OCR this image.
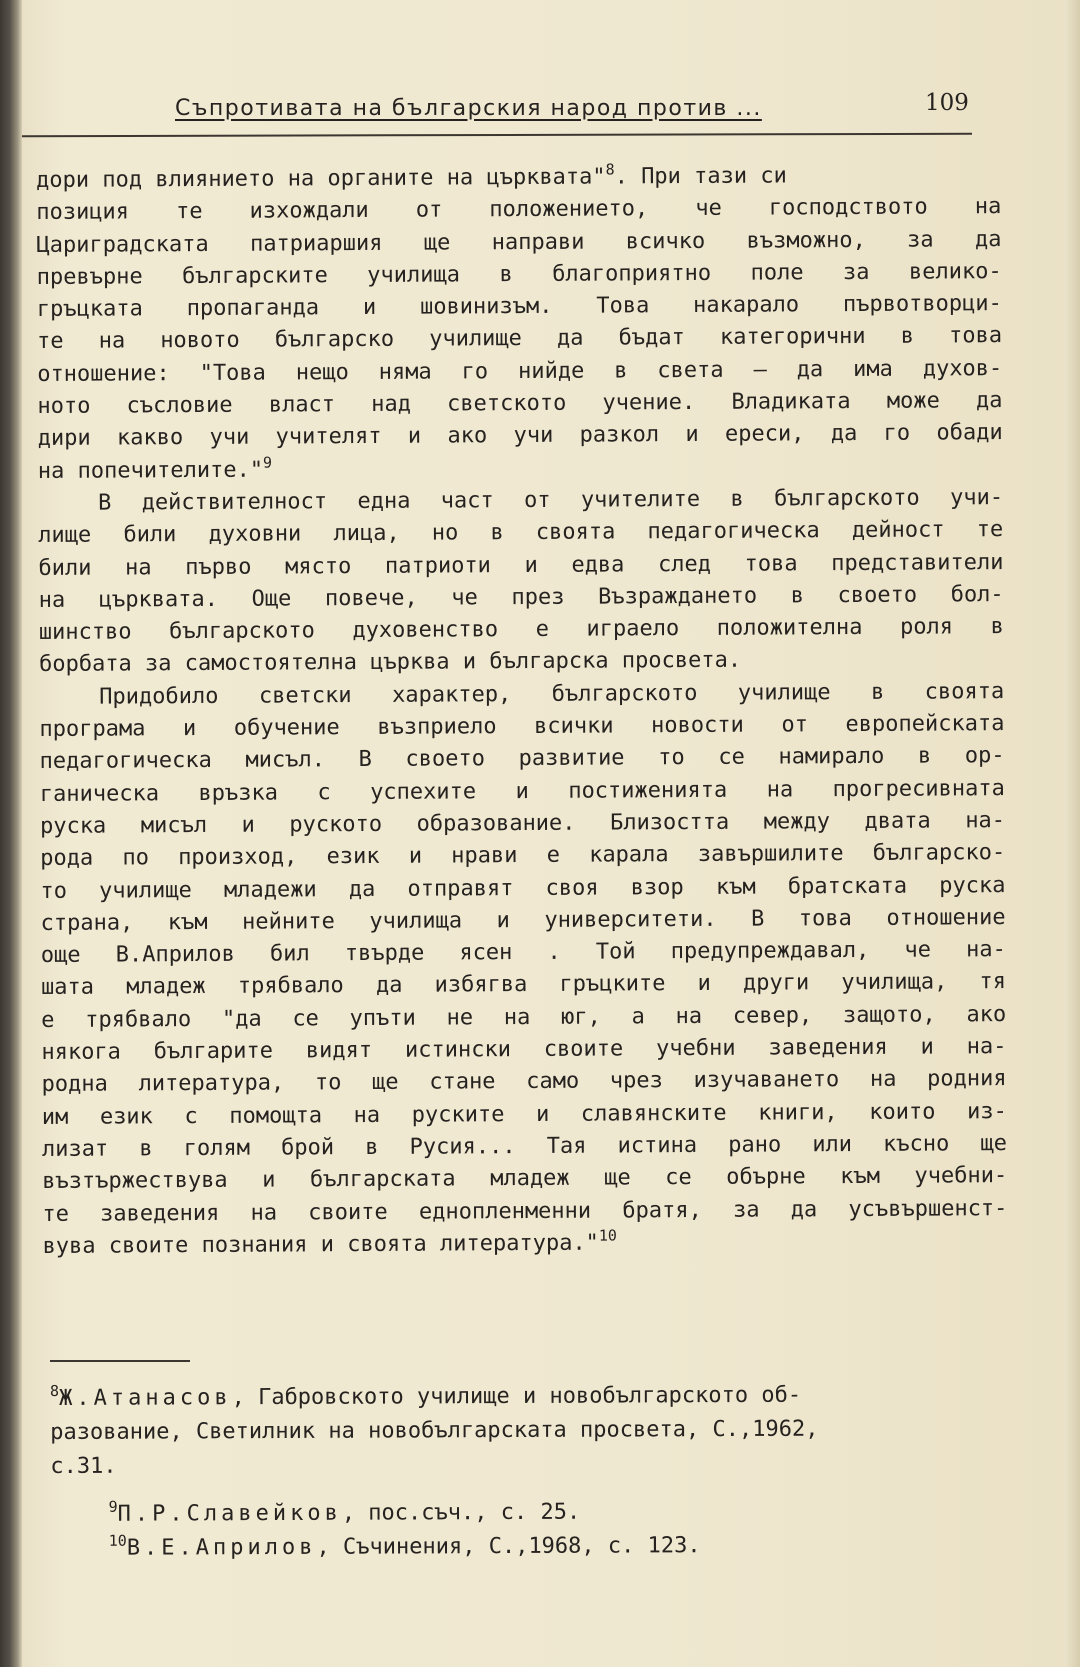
Съпротивата на българския народ против ...	109
дори под влиянието на органите на църквата"$^8$. При тази си
позиция те изхождали от положението, че господството на
Цариградската патриаршия ще направи всичко възможно, за да
превърне българските училища в благоприятно поле за велико-
гръцката пропаганда и шовинизъм. Това накарало първотворци-
те на новото българско училище да бъдат категорични в това
отношение: "Това нещо няма го нийде в света – да има духов-
ното съсловие власт над светското учение. Владиката може да
дири какво учи учителят и ако учи разкол и ереси, да го обади
на попечителите."$^9$
В действителност една част от учителите в българското учи-
лище били духовни лица, но в своята педагогическа дейност те
били на първо място патриоти и едва след това представители
на църквата. Още повече, че през Възраждането в своето бол-
шинство българското духовенство е играело положителна роля в
борбата за самостоятелна църква и българска просвета.
Придобило светски характер, българското училище в своята
програма и обучение възприело всички новости от европейската
педагогическа мисъл. В своето развитие то се намирало в ор-
ганическа връзка с успехите и постиженията на прогресивната
руска мисъл и руското образование. Близостта между двата на-
рода по произход, език и нрави е карала завършилите българско-
то училище младежи да отправят своя взор към братската руска
страна, към нейните училища и университети. В това отношение
още В.Априлов бил твърде ясен . Той предупреждавал, че на-
шата младеж трябвало да избягва гръцките и други училища, тя
е трябвало "да се упъти не на юг, а на север, защото, ако
някога българите видят истински своите учебни заведения и на-
родна литература, то ще стане само чрез изучаването на родния
им език с помощта на руските и славянските книги, които из-
лизат в голям брой в Русия... Тая истина рано или късно ще
възтържествува и българската младеж ще се обърне към учебни-
те заведения на своите еднопленменни братя, за да усъвършенст-
вува своите познания и своята литература."$^{10}$
$^8$Ж.Атанасов, Габровското училище и новобългарското об-
разование, Светилник на новобългарската просвета, С.,1962,
с.31.
$^9$П.Р.Славейков, пос.съч., с. 25.
$^{10}$В.Е.Априлов, Съчинения, С.,1968, с. 123.
